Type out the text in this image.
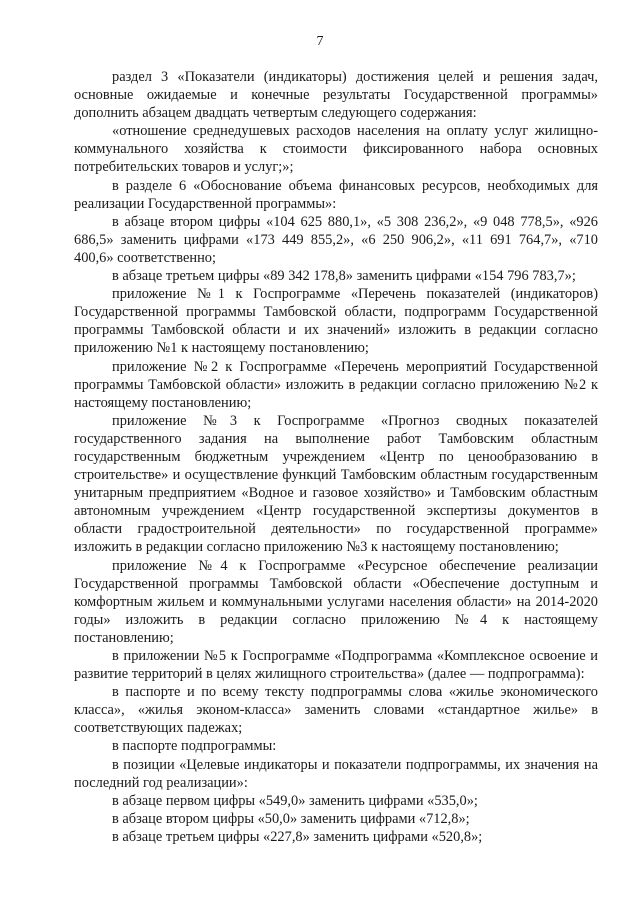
7

раздел 3 «Показатели (индикаторы) достижения целей и решения задач, основные ожидаемые и конечные результаты Государственной программы» дополнить абзацем двадцать четвертым следующего содержания:

«отношение среднедушевых расходов населения на оплату услуг жилищно-коммунального хозяйства к стоимости фиксированного набора основных потребительских товаров и услуг;»;

в разделе 6 «Обоснование объема финансовых ресурсов, необходимых для реализации Государственной программы»:

в абзаце втором цифры «104 625 880,1», «5 308 236,2», «9 048 778,5», «926 686,5» заменить цифрами «173 449 855,2», «6 250 906,2», «11 691 764,7», «710 400,6» соответственно;

в абзаце третьем цифры «89 342 178,8» заменить цифрами «154 796 783,7»;

приложение №1 к Госпрограмме «Перечень показателей (индикаторов) Государственной программы Тамбовской области, подпрограмм Государственной программы Тамбовской области и их значений» изложить в редакции согласно приложению №1 к настоящему постановлению;

приложение №2 к Госпрограмме «Перечень мероприятий Государственной программы Тамбовской области» изложить в редакции согласно приложению №2 к настоящему постановлению;

приложение №3 к Госпрограмме «Прогноз сводных показателей государственного задания на выполнение работ Тамбовским областным государственным бюджетным учреждением «Центр по ценообразованию в строительстве» и осуществление функций Тамбовским областным государственным унитарным предприятием «Водное и газовое хозяйство» и Тамбовским областным автономным учреждением «Центр государственной экспертизы документов в области градостроительной деятельности» по государственной программе» изложить в редакции согласно приложению №3 к настоящему постановлению;

приложение №4 к Госпрограмме «Ресурсное обеспечение реализации Государственной программы Тамбовской области «Обеспечение доступным и комфортным жильем и коммунальными услугами населения области» на 2014-2020 годы» изложить в редакции согласно приложению №4 к настоящему постановлению;

в приложении №5 к Госпрограмме «Подпрограмма «Комплексное освоение и развитие территорий в целях жилищного строительства» (далее — подпрограмма):

в паспорте и по всему тексту подпрограммы слова «жилье экономического класса», «жилья эконом-класса» заменить словами «стандартное жилье» в соответствующих падежах;

в паспорте подпрограммы:

в позиции «Целевые индикаторы и показатели подпрограммы, их значения на последний год реализации»:

в абзаце первом цифры «549,0» заменить цифрами «535,0»;

в абзаце втором цифры «50,0» заменить цифрами «712,8»;

в абзаце третьем цифры «227,8» заменить цифрами «520,8»;
